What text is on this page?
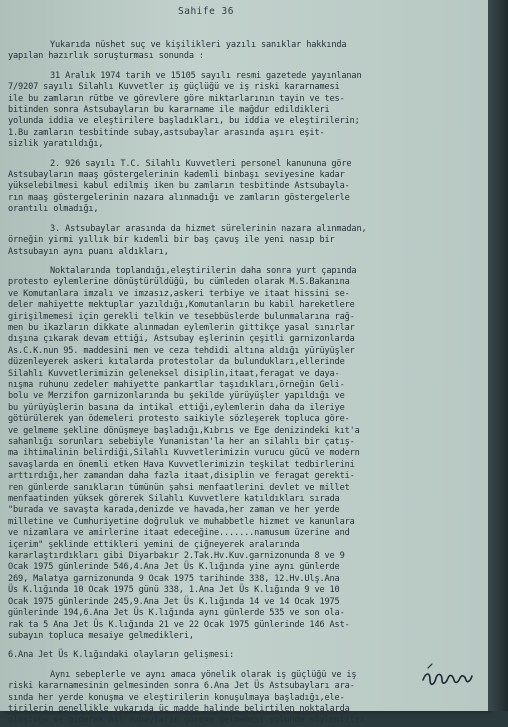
Sahife 36
Yukarıda nüshet suç ve kişilikleri yazılı sanıklar hakkında
yapılan hazırlık soruşturması sonunda :
31 Aralık 1974 tarih ve 15105 sayılı resmi gazetede yayınlanan
7/9207 sayılı Silahlı Kuvvetler iş güçlüğü ve iş riski kararnamesi
ile bu zamların rütbe ve görevlere göre miktarlarının tayin ve tes-
bitinden sonra Astsubayların bu kararname ile mağdur edildikleri
yolunda iddia ve eleştirilere başladıkları, bu iddia ve eleştirilerin;
1.Bu zamların tesbitinde subay,astsubaylar arasında aşırı eşit-
sizlik yaratıldığı,
2. 926 sayılı T.C. Silahlı Kuvvetleri personel kanununa göre
Astsubayların maaş göstergelerinin kademli binbaşı seviyesine kadar
yükselebilmesi kabul edilmiş iken bu zamların tesbitinde Astsubayla-
rın maaş göstergelerinin nazara alınmadığı ve zamların göstergelerle
orantılı olmadığı,
3. Astsubaylar arasında da hizmet sürelerinin nazara alınmadan,
örneğin yirmi yıllık bir kıdemli bir baş çavuş ile yeni nasıp bir
Astsubayın aynı puanı aldıkları,
Noktalarında toplandığı,eleştirilerin daha sonra yurt çapında
protesto eylemlerine dönüştürüldüğü, bu cümleden olarak M.S.Bakanına
ve Komutanlara imzalı ve imzasız,askeri terbiye ve itaat hissini se-
deler mahiyette mektuplar yazıldığı,Komutanların bu kabil hareketlere
girişilmemesi için gerekli telkin ve tesebbüslerde bulunmalarına rağ-
men bu ikazların dikkate alınmadan eylemlerin gittikçe yasal sınırlar
dışına çıkarak devam ettiği, Astsubay eşlerinin çeşitli garnizonlarda
As.C.K.nun 95. maddesini men ve ceza tehdidi altına aldığı yürüyüşler
düzenleyerek askeri kıtalarda protestolar da bulundukları,ellerinde
Silahlı Kuvvetlerimizin geleneksel disiplin,itaat,feragat ve daya-
nışma ruhunu zedeler mahiyette pankartlar taşıdıkları,örneğin Geli-
bolu ve Merzifon garnizonlarında bu şekilde yürüyüşler yapıldığı ve
bu yürüyüşlerin basına da intikal ettiği,eylemlerin daha da ileriye
götürülerek yan ödemeleri protesto saikiyle sözleşerek topluca göre-
ve gelmeme şekline dönüşmeye başladığı,Kıbrıs ve Ege denizindeki kıt'a
sahanlığı sorunları sebebiyle Yunanistan'la her an silahlı bir çatış-
ma ihtimalinin belirdiği,Silahlı Kuvvetlerimizin vurucu gücü ve modern
savaşlarda en önemli etken Hava Kuvvetlerimizin teşkilat tedbirlerini
arttırdığı,her zamandan daha fazla itaat,disiplin ve feragat gerekti-
ren günlerde sanıkların tümünün şahsi menfaatlerini devlet ve millet
menfaatinden yüksek görerek Silahlı Kuvvetlere katıldıkları sırada
"burada ve savaşta karada,denizde ve havada,her zaman ve her yerde
milletine ve Cumhuriyetine doğruluk ve muhabbetle hizmet ve kanunlara
ve nizamlara ve amirlerine itaat edeceğine.......namusum üzerine and
içerim" şeklinde ettikleri yemini de çiğneyerek aralarında
kararlaştırdıkları gibi Diyarbakır 2.Tak.Hv.Kuv.garnizonunda 8 ve 9
Ocak 1975 günlerinde 546,4.Ana Jet Üs K.lığında yine aynı günlerde
269, Malatya garnizonunda 9 Ocak 1975 tarihinde 338, 12.Hv.Ulş.Ana
Üs K.lığında 10 Ocak 1975 günü 338, 1.Ana Jet Üs K.lığında 9 ve 10
Ocak 1975 günlerinde 245,9.Ana Jet Üs K.lığında 14 ve 14 Ocak 1975
günlerinde 194,6.Ana Jet Üs K.lığında aynı günlerde 535 ve son ola-
rak ta 5 Ana Jet Üs K.lığında 21 ve 22 Ocak 1975 günlerinde 146 Ast-
subayın topluca mesaiye gelmedikleri,
6.Ana Jet Üs K.lığındaki olayların gelişmesi:
Aynı sebeplerle ve aynı amaca yönelik olarak iş güçlüğü ve iş
riski kararnamesinin gelmesinden sonra 6.Ana Jet Üs Astsubayları ara-
sında her yerde konuşma ve eleştirilerin konuşulmaya başladığı,ele-
tirilerin genellikle yukarıda üç madde halinde belirtilen noktalarda
oluştuğu ve giderek Ast subayların göreve gelmemesi yolunda söylentiler
